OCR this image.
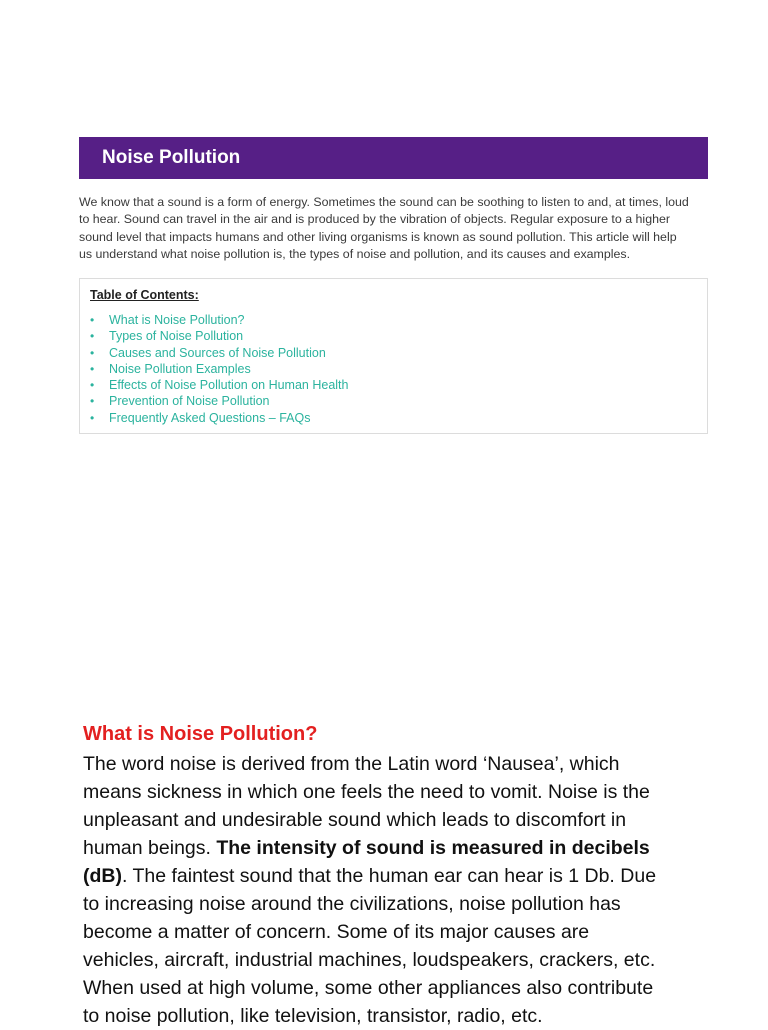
Noise Pollution
We know that a sound is a form of energy. Sometimes the sound can be soothing to listen to and, at times, loud
to hear. Sound can travel in the air and is produced by the vibration of objects. Regular exposure to a higher
sound level that impacts humans and other living organisms is known as sound pollution. This article will help
us understand what noise pollution is, the types of noise and pollution, and its causes and examples.
Table of Contents:
• What is Noise Pollution?
• Types of Noise Pollution
• Causes and Sources of Noise Pollution
• Noise Pollution Examples
• Effects of Noise Pollution on Human Health
• Prevention of Noise Pollution
• Frequently Asked Questions – FAQs
What is Noise Pollution?
The word noise is derived from the Latin word ‘Nausea’, which
means sickness in which one feels the need to vomit. Noise is the
unpleasant and undesirable sound which leads to discomfort in
human beings. The intensity of sound is measured in decibels
(dB). The faintest sound that the human ear can hear is 1 Db. Due
to increasing noise around the civilizations, noise pollution has
become a matter of concern. Some of its major causes are
vehicles, aircraft, industrial machines, loudspeakers, crackers, etc.
When used at high volume, some other appliances also contribute
to noise pollution, like television, transistor, radio, etc.
